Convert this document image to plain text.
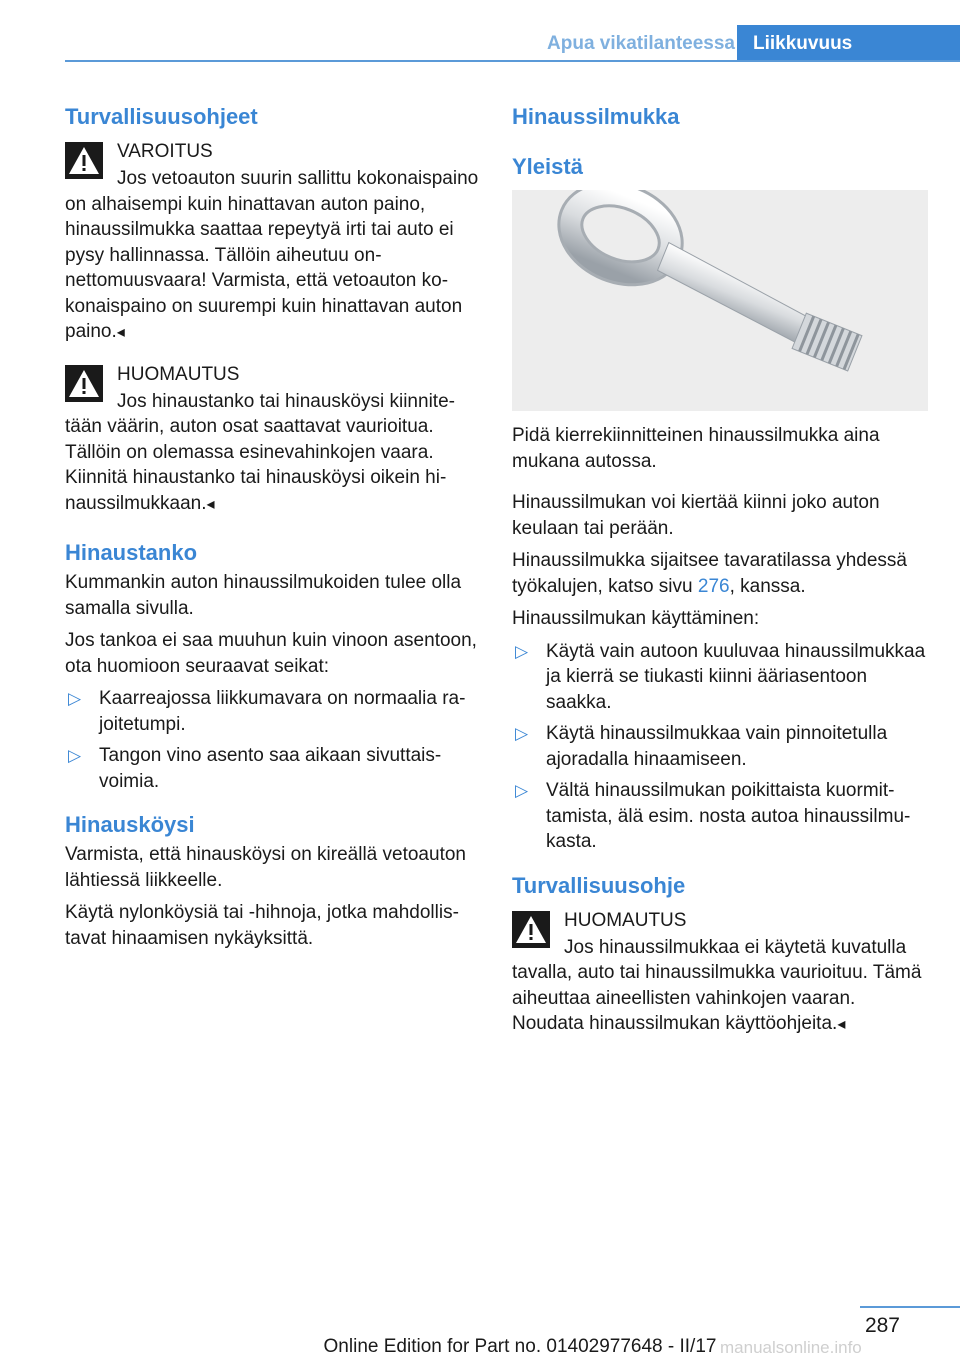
Apua vikatilanteessa Liikkuvuus
Turvallisuusohjeet
VAROITUS
Jos vetoauton suurin sallittu kokonaispaino on alhaisempi kuin hinattavan auton paino, hinaussilmukka saattaa repeytyä irti tai auto ei pysy hallinnassa. Tällöin aiheutuu onnettomuusvaara! Varmista, että vetoauton kokonaispaino on suurempi kuin hinattavan auton paino.◂
HUOMAUTUS
Jos hinaustanko tai hinausköysi kiinnitetään väärin, auton osat saattavat vaurioitua. Tällöin on olemassa esinevahinkojen vaara. Kiinnitä hinaustanko tai hinausköysi oikein hinaussilmukkaan.◂
Hinaustanko

Kummankin auton hinaussilmukoiden tulee olla samalla sivulla.

Jos tankoa ei saa muuhun kuin vinoon asentoon, ota huomioon seuraavat seikat:

▷ Kaarreajossa liikkumavara on normaalia rajoitetumpi.
▷ Tangon vino asento saa aikaan sivuttaisvoimia.
Hinausköysi

Varmista, että hinausköysi on kireällä vetoauton lähtiessä liikkeelle.

Käytä nylonköysiä tai -hihnoja, jotka mahdollistavat hinaamisen nykäyksittä.

Hinaussilmukka
Yleistä

Pidä kierrekiinnitteinen hinaussilmukka aina mukana autossa.

Hinaussilmukan voi kiertää kiinni joko auton keulaan tai perään.

Hinaussilmukka sijaitsee tavaratilassa yhdessä työkalujen, katso sivu 276, kanssa.

Hinaussilmukan käyttäminen:

▷ Käytä vain autoon kuuluvaa hinaussilmukkaa ja kierrä se tiukasti kiinni ääriasentoon saakka.
▷ Käytä hinaussilmukkaa vain pinnoitetulla ajoradalla hinaamiseen.
▷ Vältä hinaussilmukan poikittaista kuormittamista, älä esim. nosta autoa hinaussilmukasta.
Turvallisuusohje
HUOMAUTUS
Jos hinaussilmukkaa ei käytetä kuvatulla tavalla, auto tai hinaussilmukka vaurioituu. Tämä aiheuttaa aineellisten vahinkojen vaaran. Noudata hinaussilmukan käyttöohjeita.◂
287
Online Edition for Part no. 01402977648 - II/17 manualsonline.info
